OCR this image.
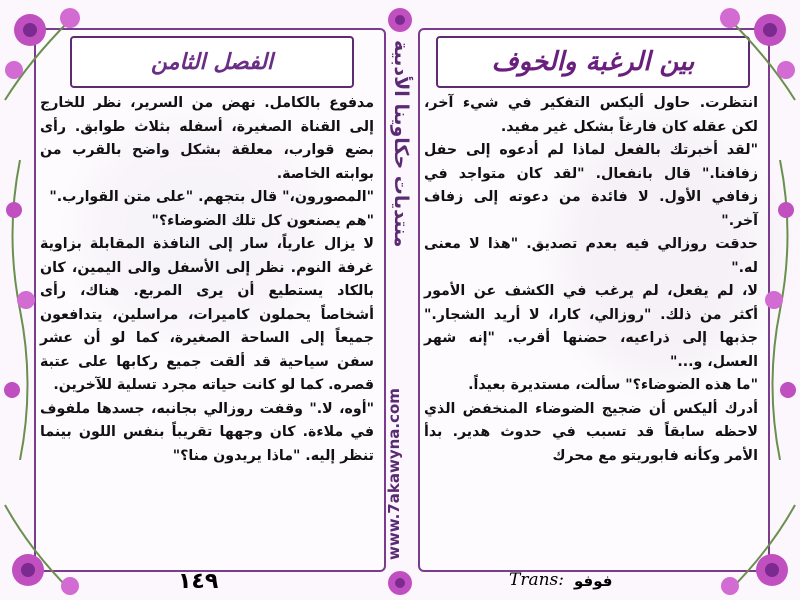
الفصل الثامن	بين الرغبة والخوف
مدفوع بالكامل. نهض من السرير، نظر للخارج إلى القناة الصغيرة، أسفله بثلاث طوابق. رأى بضع قوارب، معلقة بشكل واضح بالقرب من بوابته الخاصة.
"المصورون،" قال بتجهم. "على متن القوارب."
"هم يصنعون كل تلك الضوضاء؟"
لا يزال عارياً، سار إلى النافذة المقابلة بزاوية غرفة النوم. نظر إلى الأسفل والى اليمين، كان بالكاد يستطيع أن يرى المربع. هناك، رأى أشخاصاً يحملون كاميرات، مراسلين، يتدافعون جميعاً إلى الساحة الصغيرة، كما لو أن عشر سفن سياحية قد ألقت جميع ركابها على عتبة قصره. كما لو كانت حياته مجرد تسلية للآخرين.
"أوه، لا." وقفت روزالي بجانبه، جسدها ملفوف في ملاءة. كان وجهها تقريباً بنفس اللون بينما تنظر إليه. "ماذا يريدون منا؟"
انتظرت. حاول أليكس التفكير في شيء آخر، لكن عقله كان فارغاً بشكل غير مفيد.
"لقد أخبرتك بالفعل لماذا لم أدعوه إلى حفل زفافنا." قال بانفعال. "لقد كان متواجد في زفافي الأول. لا فائدة من دعوته إلى زفاف آخر."
حدقت روزالي فيه بعدم تصديق. "هذا لا معنى له."
لا، لم يفعل، لم يرغب في الكشف عن الأمور أكثر من ذلك. "روزالي، كارا، لا أريد الشجار." جذبها إلى ذراعيه، حضنها أقرب. "إنه شهر العسل، و..."
"ما هذه الضوضاء؟" سألت، مستديرة بعيداً.
أدرك أليكس أن ضجيج الضوضاء المنخفض الذي لاحظه سابقاً قد تسبب في حدوث هدير. بدأ الأمر وكأنه فابوريتو مع محرك
منتديات حكاوينا الأدبية
www.7akawyna.com
١٤٩	Trans: فوفو
